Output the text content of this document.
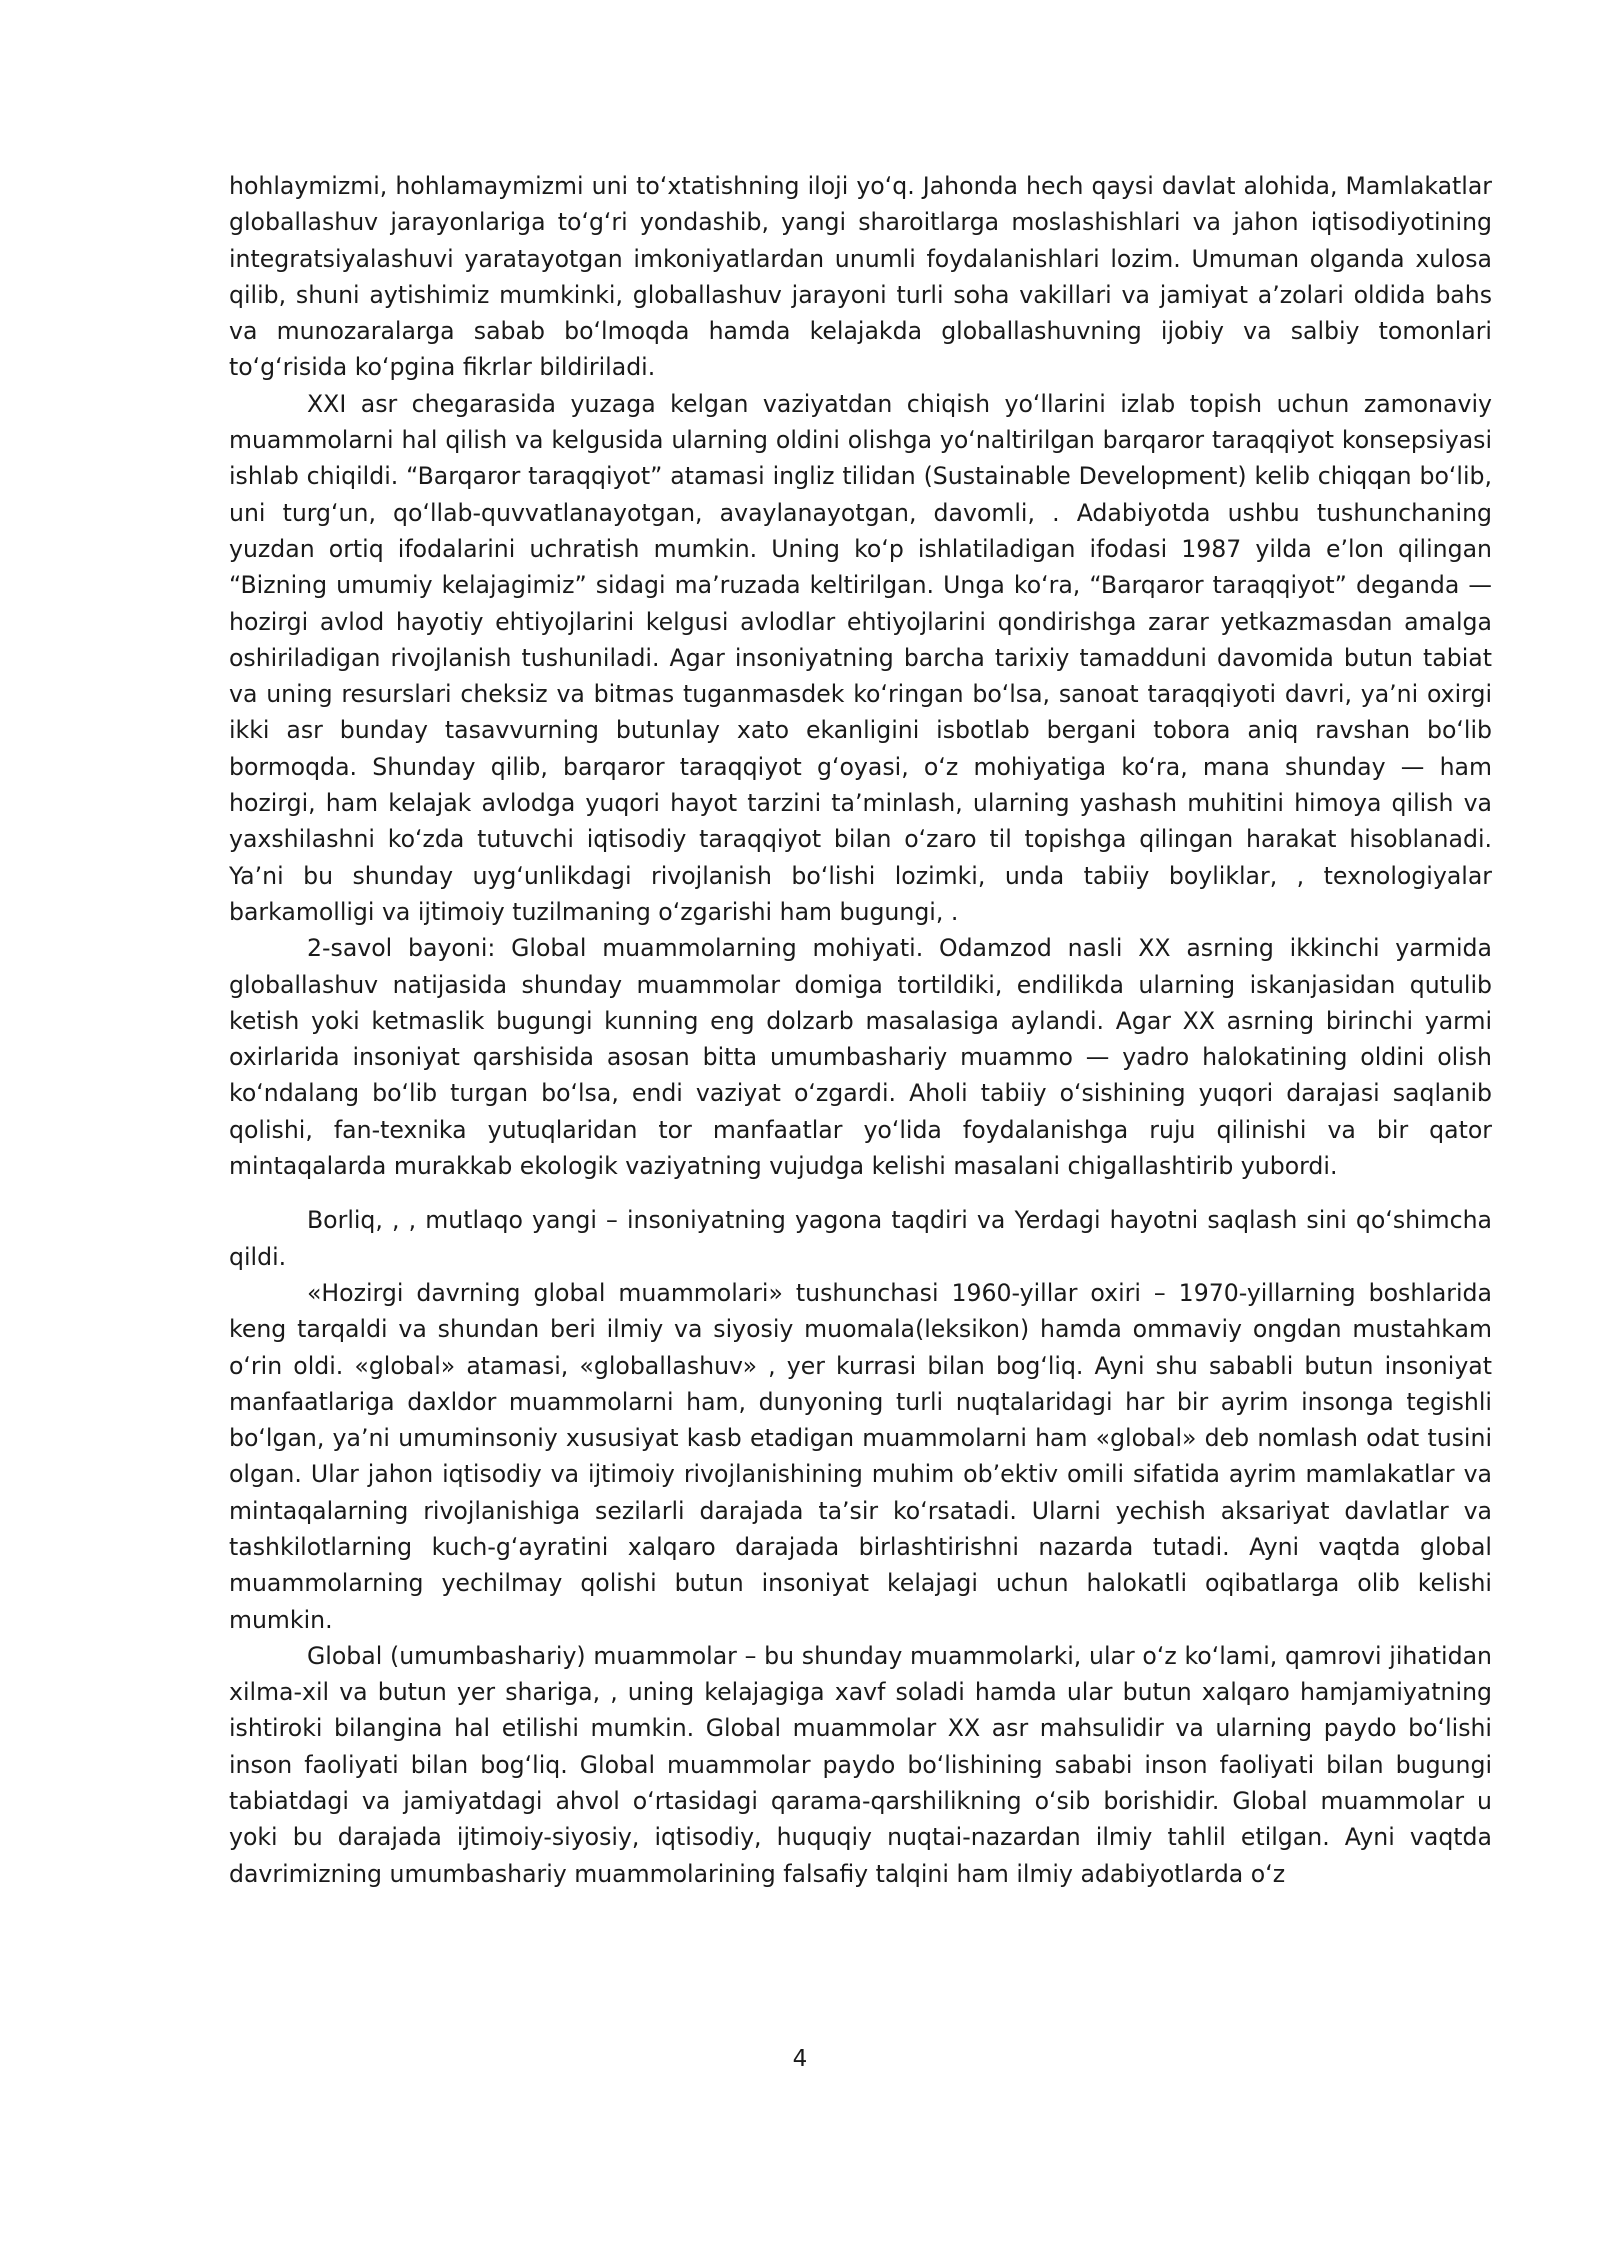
hohlaymizmi, hohlamaymizmi uni toʻxtatishning iloji yoʻq. Jahonda hech qaysi davlat alohida, Mamlakatlar globallashuv jarayonlariga toʻgʻri yondashib, yangi sharoitlarga moslashishlari va jahon iqtisodiyotining integratsiyalashuvi yaratayotgan imkoniyatlardan unumli foydalanishlari lozim. Umuman olganda xulosa qilib, shuni aytishimiz mumkinki, globallashuv jarayoni turli soha vakillari va jamiyat aʼzolari oldida bahs va munozaralarga sabab boʻlmoqda hamda kelajakda globallashuvning ijobiy va salbiy tomonlari toʻgʻrisida koʻpgina fikrlar bildiriladi.

XXI asr chegarasida yuzaga kelgan vaziyatdan chiqish yoʻllarini izlab topish uchun zamonaviy muammolarni hal qilish va kelgusida ularning oldini olishga yoʻnaltirilgan barqaror taraqqiyot konsepsiyasi ishlab chiqildi. “Barqaror taraqqiyot” atamasi ingliz tilidan (Sustainable Development) kelib chiqqan boʻlib, uni turgʻun, qoʻllab-quvvatlanayotgan, avaylanayotgan, davomli, . Adabiyotda ushbu tushunchaning yuzdan ortiq ifodalarini uchratish mumkin. Uning koʻp ishlatiladigan ifodasi 1987 yilda eʼlon qilingan “Bizning umumiy kelajagimiz” sidagi maʼruzada keltirilgan. Unga koʻra, “Barqaror taraqqiyot” deganda — hozirgi avlod hayotiy ehtiyojlarini kelgusi avlodlar ehtiyojlarini qondirishga zarar yetkazmasdan amalga oshiriladigan rivojlanish tushuniladi. Agar insoniyatning barcha tarixiy tamadduni davomida butun tabiat va uning resurslari cheksiz va bitmas tuganmasdek koʻringan boʻlsa, sanoat taraqqiyoti davri, yaʼni oxirgi ikki asr bunday tasavvurning butunlay xato ekanligini isbotlab bergani tobora aniq ravshan boʻlib bormoqda. Shunday qilib, barqaror taraqqiyot gʻoyasi, oʻz mohiyatiga koʻra, mana shunday — ham hozirgi, ham kelajak avlodga yuqori hayot tarzini taʼminlash, ularning yashash muhitini himoya qilish va yaxshilashni koʻzda tutuvchi iqtisodiy taraqqiyot bilan oʻzaro til topishga qilingan harakat hisoblanadi. Yaʼni bu shunday uygʻunlikdagi rivojlanish boʻlishi lozimki, unda tabiiy boyliklar, , texnologiyalar barkamolligi va ijtimoiy tuzilmaning oʻzgarishi ham bugungi, .

2-savol bayoni: Global muammolarning mohiyati. Odamzod nasli XX asrning ikkinchi yarmida globallashuv natijasida shunday muammolar domiga tortildiki, endilikda ularning iskanjasidan qutulib ketish yoki ketmaslik bugungi kunning eng dolzarb masalasiga aylandi. Agar XX asrning birinchi yarmi oxirlarida insoniyat qarshisida asosan bitta umumbashariy muammo — yadro halokatining oldini olish koʻndalang boʻlib turgan boʻlsa, endi vaziyat oʻzgardi. Aholi tabiiy oʻsishining yuqori darajasi saqlanib qolishi, fan-texnika yutuqlaridan tor manfaatlar yoʻlida foydalanishga ruju qilinishi va bir qator mintaqalarda murakkab ekologik vaziyatning vujudga kelishi masalani chigallashtirib yubordi.

Borliq, , , mutlaqo yangi – insoniyatning yagona taqdiri va Yerdagi hayotni saqlash sini qoʻshimcha qildi.

«Hozirgi davrning global muammolari» tushunchasi 1960-yillar oxiri – 1970-yillarning boshlarida keng tarqaldi va shundan beri ilmiy va siyosiy muomala(leksikon) hamda ommaviy ongdan mustahkam oʻrin oldi. «global» atamasi, «globallashuv» , yer kurrasi bilan bogʻliq. Ayni shu sababli butun insoniyat manfaatlariga daxldor muammolarni ham, dunyoning turli nuqtalaridagi har bir ayrim insonga tegishli boʻlgan, yaʼni umuminsoniy xususiyat kasb etadigan muammolarni ham «global» deb nomlash odat tusini olgan. Ular jahon iqtisodiy va ijtimoiy rivojlanishining muhim obʼektiv omili sifatida ayrim mamlakatlar va mintaqalarning rivojlanishiga sezilarli darajada taʼsir koʻrsatadi. Ularni yechish aksariyat davlatlar va tashkilotlarning kuch-gʻayratini xalqaro darajada birlashtirishni nazarda tutadi. Ayni vaqtda global muammolarning yechilmay qolishi butun insoniyat kelajagi uchun halokatli oqibatlarga olib kelishi mumkin.

Global (umumbashariy) muammolar – bu shunday muammolarki, ular oʻz koʻlami, qamrovi jihatidan xilma-xil va butun yer shariga, , uning kelajagiga xavf soladi hamda ular butun xalqaro hamjamiyatning ishtiroki bilangina hal etilishi mumkin. Global muammolar XX asr mahsulidir va ularning paydo boʻlishi inson faoliyati bilan bogʻliq. Global muammolar paydo boʻlishining sababi inson faoliyati bilan bugungi tabiatdagi va jamiyatdagi ahvol oʻrtasidagi qarama-qarshilikning oʻsib borishidir. Global muammolar u yoki bu darajada ijtimoiy-siyosiy, iqtisodiy, huquqiy nuqtai-nazardan ilmiy tahlil etilgan. Ayni vaqtda davrimizning umumbashariy muammolarining falsafiy talqini ham ilmiy adabiyotlarda oʻz

4
